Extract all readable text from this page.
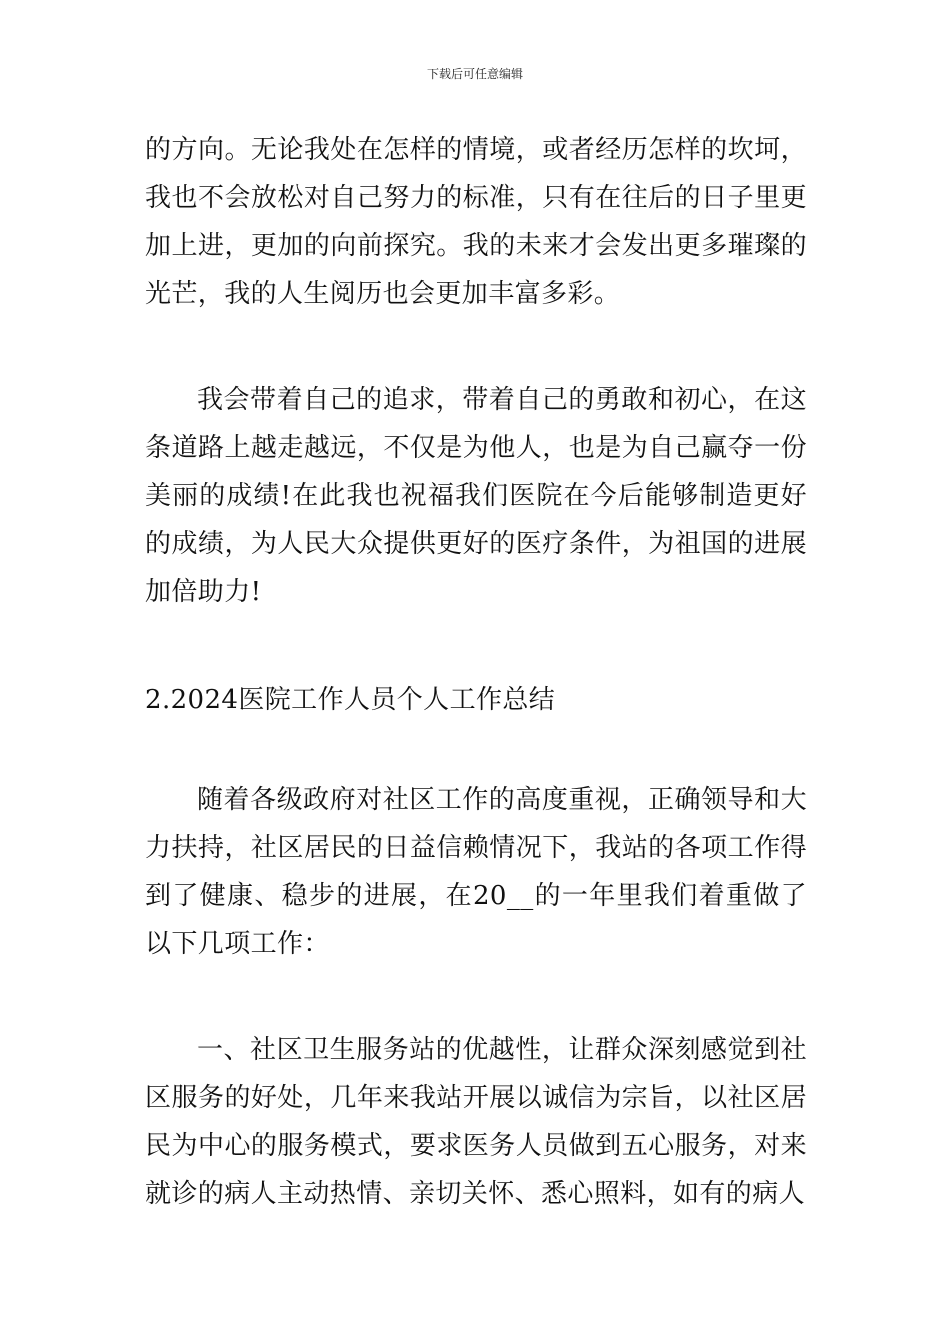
下载后可任意编辑

的方向。无论我处在怎样的情境，或者经历怎样的坎坷，我也不会放松对自己努力的标准，只有在往后的日子里更加上进，更加的向前探究。我的未来才会发出更多璀璨的光芒，我的人生阅历也会更加丰富多彩。

我会带着自己的追求，带着自己的勇敢和初心，在这条道路上越走越远，不仅是为他人，也是为自己赢夺一份美丽的成绩!在此我也祝福我们医院在今后能够制造更好的成绩，为人民大众提供更好的医疗条件，为祖国的进展加倍助力!

2.2024医院工作人员个人工作总结

随着各级政府对社区工作的高度重视，正确领导和大力扶持，社区居民的日益信赖情况下，我站的各项工作得到了健康、稳步的进展，在20__的一年里我们着重做了以下几项工作：

一、社区卫生服务站的优越性，让群众深刻感觉到社区服务的好处，几年来我站开展以诚信为宗旨，以社区居民为中心的服务模式，要求医务人员做到五心服务，对来就诊的病人主动热情、亲切关怀、悉心照料，如有的病人
